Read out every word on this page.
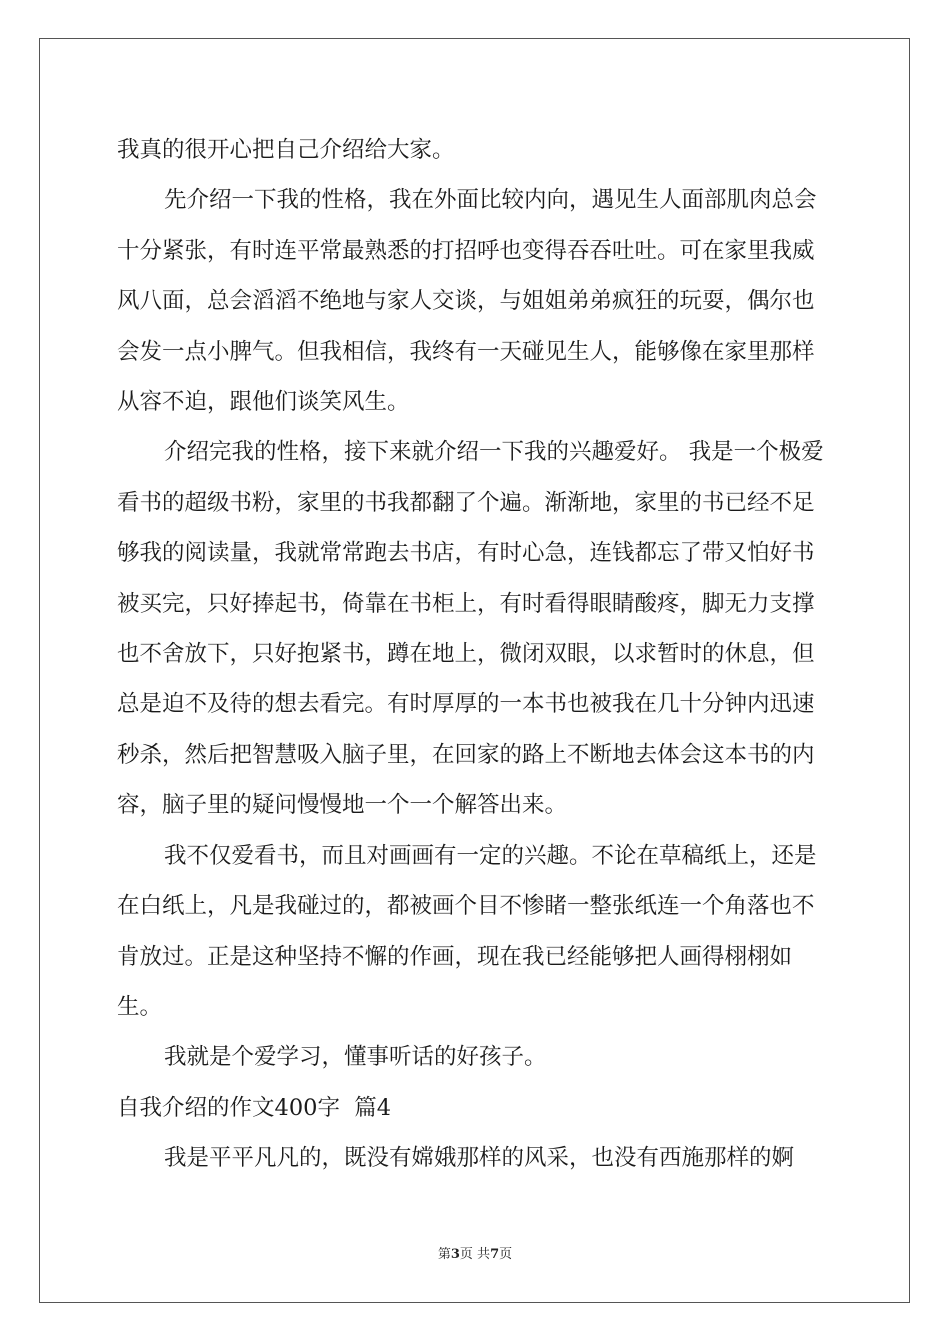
我真的很开心把自己介绍给大家。

先介绍一下我的性格，我在外面比较内向，遇见生人面部肌肉总会十分紧张，有时连平常最熟悉的打招呼也变得吞吞吐吐。可在家里我威风八面，总会滔滔不绝地与家人交谈，与姐姐弟弟疯狂的玩耍，偶尔也会发一点小脾气。但我相信，我终有一天碰见生人，能够像在家里那样从容不迫，跟他们谈笑风生。

介绍完我的性格，接下来就介绍一下我的兴趣爱好。 我是一个极爱看书的超级书粉，家里的书我都翻了个遍。渐渐地，家里的书已经不足够我的阅读量，我就常常跑去书店，有时心急，连钱都忘了带又怕好书被买完，只好捧起书，倚靠在书柜上，有时看得眼睛酸疼，脚无力支撑也不舍放下，只好抱紧书，蹲在地上，微闭双眼，以求暂时的休息，但总是迫不及待的想去看完。有时厚厚的一本书也被我在几十分钟内迅速秒杀，然后把智慧吸入脑子里，在回家的路上不断地去体会这本书的内容，脑子里的疑问慢慢地一个一个解答出来。

我不仅爱看书，而且对画画有一定的兴趣。不论在草稿纸上，还是在白纸上，凡是我碰过的，都被画个目不惨睹一整张纸连一个角落也不肯放过。正是这种坚持不懈的作画，现在我已经能够把人画得栩栩如生。

我就是个爱学习，懂事听话的好孩子。

自我介绍的作文400字  篇4

我是平平凡凡的，既没有嫦娥那样的风采，也没有西施那样的婀

第3页 共7页
